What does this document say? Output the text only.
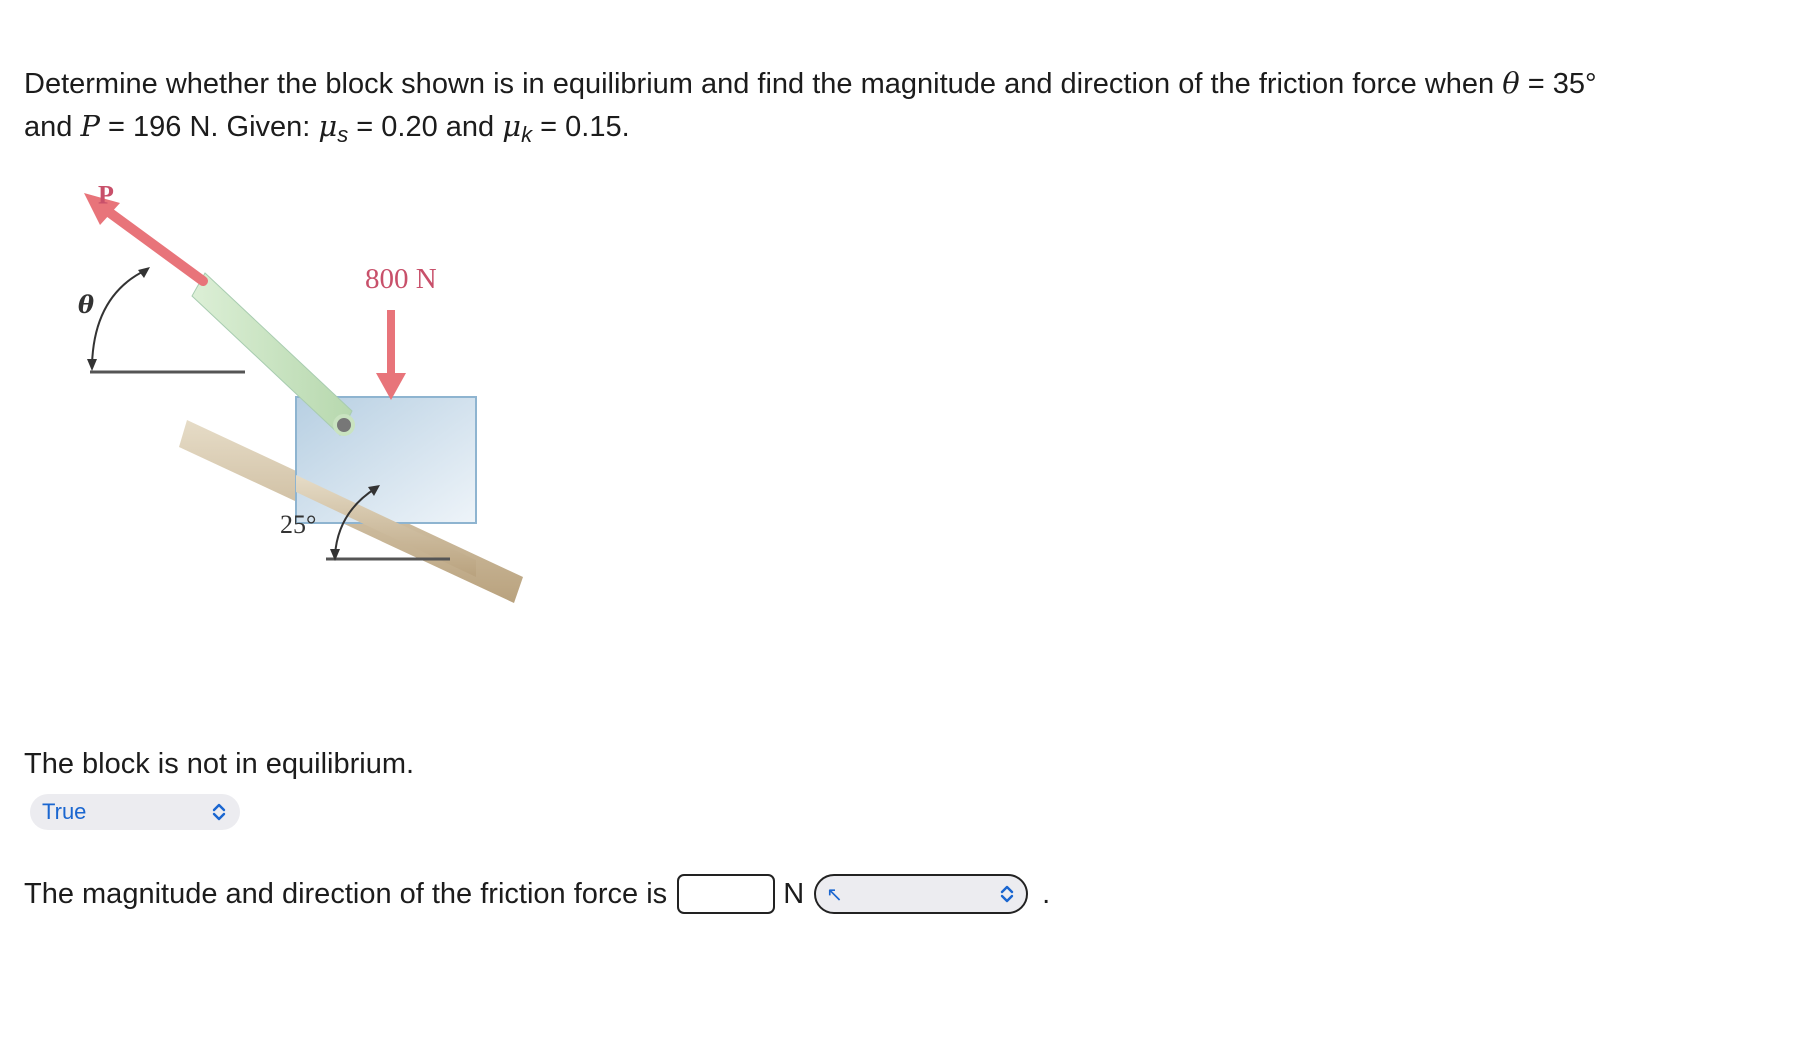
Determine whether the block shown is in equilibrium and find the magnitude and direction of the friction force when θ = 35°
and P = 196 N. Given: $\mu_s = 0.20$ and $\mu_k = 0.15$.
P
θ
800 N
25°
The block is not in equilibrium.
True
The magnitude and direction of the friction force is	N ↖	.
